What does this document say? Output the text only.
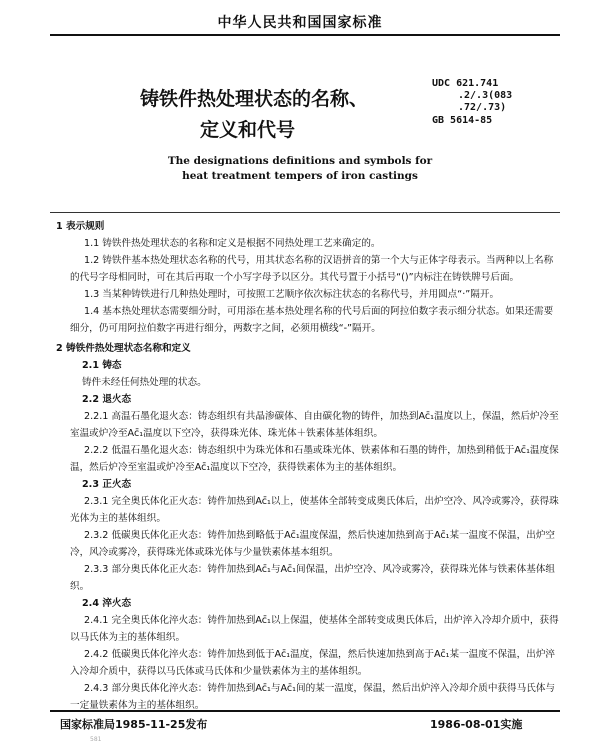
中华人民共和国国家标准
铸铁件热处理状态的名称、
定义和代号
UDC 621.741
.2/.3(083
.72/.73)
GB 5614-85
The designations definitions and symbols for
heat treatment tempers of iron castings
1 表示规则

1.1 铸铁件热处理状态的名称和定义是根据不同热处理工艺来确定的。

1.2 铸铁件基本热处理状态名称的代号，用其状态名称的汉语拼音的第一个大与正体字母表示。当两种以上名称的代号字母相同时，可在其后再取一个小写字母予以区分。其代号置于小括号“()”内标注在铸铁牌号后面。

1.3 当某种铸铁进行几种热处理时，可按照工艺顺序依次标注状态的名称代号，并用圆点“·”隔开。

1.4 基本热处理状态需要细分时，可用添在基本热处理名称的代号后面的阿拉伯数字表示细分状态。如果还需要细分，仍可用阿拉伯数字再进行细分，两数字之间，必须用横线“-”隔开。

2 铸铁件热处理状态名称和定义
2.1 铸态

铸件未经任何热处理的状态。

2.2 退火态

2.2.1 高温石墨化退火态：铸态组织有共晶渗碳体、自由碳化物的铸件，加热到Ac̄₁温度以上，保温，然后炉冷至室温或炉冷至Ac̄₁温度以下空冷，获得珠光体、珠光体＋铁素体基体组织。

2.2.2 低温石墨化退火态：铸态组织中为珠光体和石墨或珠光体、铁素体和石墨的铸件，加热到稍低于Ac̄₁温度保温，然后炉冷至室温或炉冷至Ac̄₁温度以下空冷，获得铁素体为主的基体组织。

2.3 正火态

2.3.1 完全奥氏体化正火态：铸件加热到Ac̄₁以上，使基体全部转变成奥氏体后，出炉空冷、风冷或雾冷，获得珠光体为主的基体组织。

2.3.2 低碳奥氏体化正火态：铸件加热到略低于Ac̄₁温度保温，然后快速加热到高于Ac̄₁某一温度不保温，出炉空冷，风冷或雾冷，获得珠光体或珠光体与少量铁素体基本组织。

2.3.3 部分奥氏体化正火态：铸件加热到Ac̄₁与Ac̄₁间保温，出炉空冷、风冷或雾冷，获得珠光体与铁素体基体组织。

2.4 淬火态

2.4.1 完全奥氏体化淬火态：铸件加热到Ac̄₁以上保温，使基体全部转变成奥氏体后，出炉淬入冷却介质中，获得以马氏体为主的基体组织。

2.4.2 低碳奥氏体化淬火态：铸件加热到低于Ac̄₁温度，保温，然后快速加热到高于Ac̄₁某一温度不保温，出炉淬入冷却介质中，获得以马氏体或马氏体和少量铁素体为主的基体组织。

2.4.3 部分奥氏体化淬火态：铸件加热到Ac̄₁与Ac̄₁间的某一温度，保温，然后出炉淬入冷却介质中获得马氏体与一定量铁素体为主的基体组织。

国家标准局1985-11-25发布	1986-08-01实施
581
